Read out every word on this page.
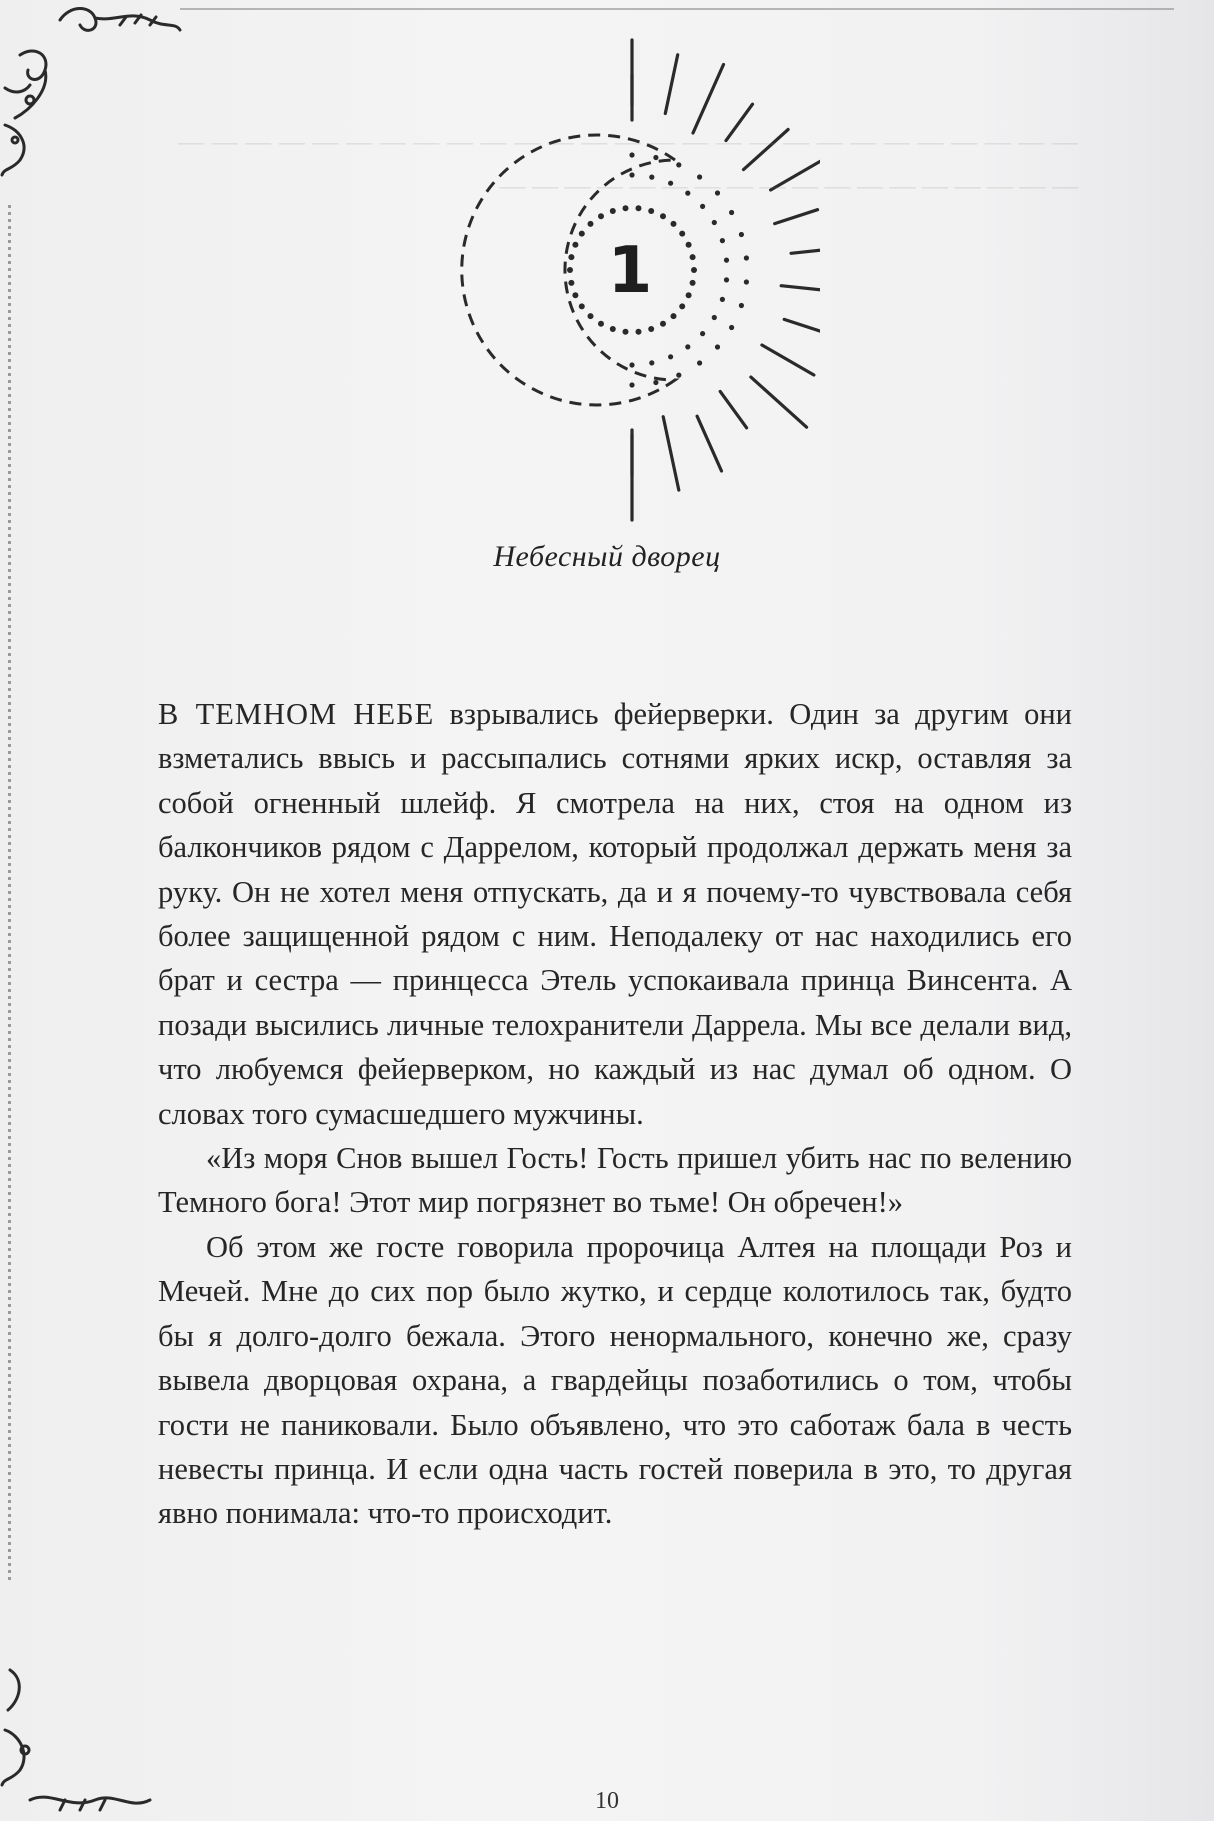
1
Небесный дворец
― ― ― ― ― ― ― ― ― ― ― ― ― ― ― ― ― ― ― ― ― ― ― ― ― ― ― ― ― ― ― ― ― ― ― ― ― ― ― ― ― ― ― ― ―

В ТЕМНОМ НЕБЕ взрывались фейерверки. Один за другим они взметались ввысь и рассыпались сотнями ярких искр, оставляя за собой огненный шлейф. Я смотрела на них, стоя на одном из балкончиков рядом с Даррелом, который продолжал держать меня за руку. Он не хотел меня отпускать, да и я почему-то чувствовала себя более защищенной рядом с ним. Неподалеку от нас находились его брат и сестра — принцесса Этель успокаивала принца Винсента. А позади высились личные телохранители Даррела. Мы все делали вид, что любуемся фейерверком, но каждый из нас думал об одном. О словах того сумасшедшего мужчины.

«Из моря Снов вышел Гость! Гость пришел убить нас по велению Темного бога! Этот мир погрязнет во тьме! Он обречен!»

Об этом же госте говорила пророчица Алтея на площади Роз и Мечей. Мне до сих пор было жутко, и сердце колотилось так, будто бы я долго-долго бежала. Этого ненормального, конечно же, сразу вывела дворцовая охрана, а гвардейцы позаботились о том, чтобы гости не паниковали. Было объявлено, что это саботаж бала в честь невесты принца. И если одна часть гостей поверила в это, то другая явно понимала: что-то происходит.

10
